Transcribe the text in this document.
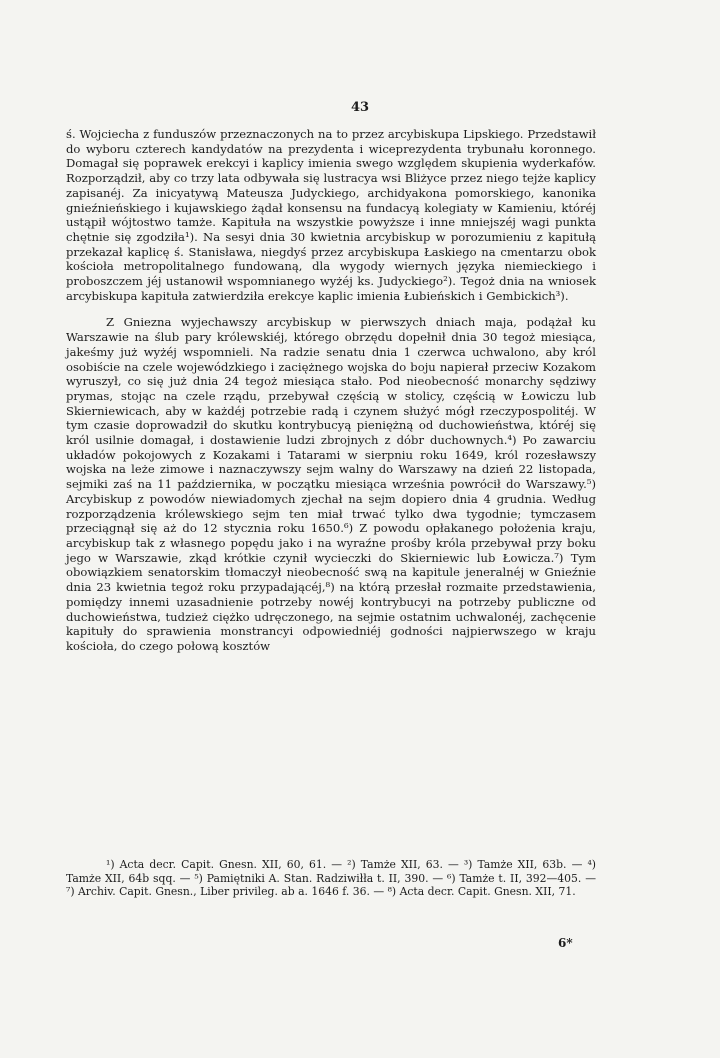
43

ś. Wojciecha z funduszów przeznaczonych na to przez arcybiskupa Lipskiego. Przedstawił do wyboru czterech kandydatów na prezydenta i wiceprezydenta trybunału koronnego. Domagał się poprawek erekcyi i kaplicy imienia swego względem skupienia wyderkafów. Rozporządził, aby co trzy lata odbywała się lustracya wsi Bliżyce przez niego tejże kaplicy zapisanéj. Za inicyatywą Mateusza Judyckiego, archidyakona pomorskiego, kanonika gnieźnieńskiego i kujawskiego żądał konsensu na fundacyą kolegiaty w Kamieniu, któréj ustąpił wójtostwo tamże. Kapituła na wszystkie powyższe i inne mniejszéj wagi punkta chętnie się zgodziła¹). Na sesyi dnia 30 kwietnia arcybiskup w porozumieniu z kapitułą przekazał kaplicę ś. Stanisława, niegdyś przez arcybiskupa Łaskiego na cmentarzu obok kościoła metropolitalnego fundowaną, dla wygody wiernych języka niemieckiego i proboszczem jéj ustanowił wspomnianego wyżéj ks. Judyckiego²). Tegoż dnia na wniosek arcybiskupa kapituła zatwierdziła erekcye kaplic imienia Łubieńskich i Gembickich³).

Z Gniezna wyjechawszy arcybiskup w pierwszych dniach maja, podążał ku Warszawie na ślub pary królewskiéj, którego obrzędu dopełnił dnia 30 tegoż miesiąca, jakeśmy już wyżéj wspomnieli. Na radzie senatu dnia 1 czerwca uchwalono, aby król osobiście na czele wojewódzkiego i zaciężnego wojska do boju napierał przeciw Kozakom wyruszył, co się już dnia 24 tegoż miesiąca stało. Pod nieobecność monarchy sędziwy prymas, stojąc na czele rządu, przebywał częścią w stolicy, częścią w Łowiczu lub Skierniewicach, aby w każdéj potrzebie radą i czynem służyć mógł rzeczypospolitéj. W tym czasie doprowadził do skutku kontrybucyą pieniężną od duchowieństwa, któréj się król usilnie domagał, i dostawienie ludzi zbrojnych z dóbr duchownych.⁴) Po zawarciu układów pokojowych z Kozakami i Tatarami w sierpniu roku 1649, król rozesławszy wojska na leże zimowe i naznaczywszy sejm walny do Warszawy na dzień 22 listopada, sejmiki zaś na 11 października, w początku miesiąca września powrócił do Warszawy.⁵) Arcybiskup z powodów niewiadomych zjechał na sejm dopiero dnia 4 grudnia. Według rozporządzenia królewskiego sejm ten miał trwać tylko dwa tygodnie; tymczasem przeciągnął się aż do 12 stycznia roku 1650.⁶) Z powodu opłakanego położenia kraju, arcybiskup tak z własnego popędu jako i na wyraźne prośby króla przebywał przy boku jego w Warszawie, zkąd krótkie czynił wycieczki do Skierniewic lub Łowicza.⁷) Tym obowiązkiem senatorskim tłomaczył nieobecność swą na kapitule jeneralnéj w Gnieźnie dnia 23 kwietnia tegoż roku przypadającéj,⁸) na którą przesłał rozmaite przedstawienia, pomiędzy innemi uzasadnienie potrzeby nowéj kontrybucyi na potrzeby publiczne od duchowieństwa, tudzież ciężko udręczonego, na sejmie ostatnim uchwalonéj, zachęcenie kapituły do sprawienia monstrancyi odpowiedniéj godności najpierwszego w kraju kościoła, do czego połową kosztów

¹) Acta decr. Capit. Gnesn. XII, 60, 61. — ²) Tamże XII, 63. — ³) Tamże XII, 63b. — ⁴) Tamże XII, 64b sqq. — ⁵) Pamiętniki A. Stan. Radziwiłła t. II, 390. — ⁶) Tamże t. II, 392—405. — ⁷) Archiv. Capit. Gnesn., Liber privileg. ab a. 1646 f. 36. — ⁸) Acta decr. Capit. Gnesn. XII, 71.

6*
